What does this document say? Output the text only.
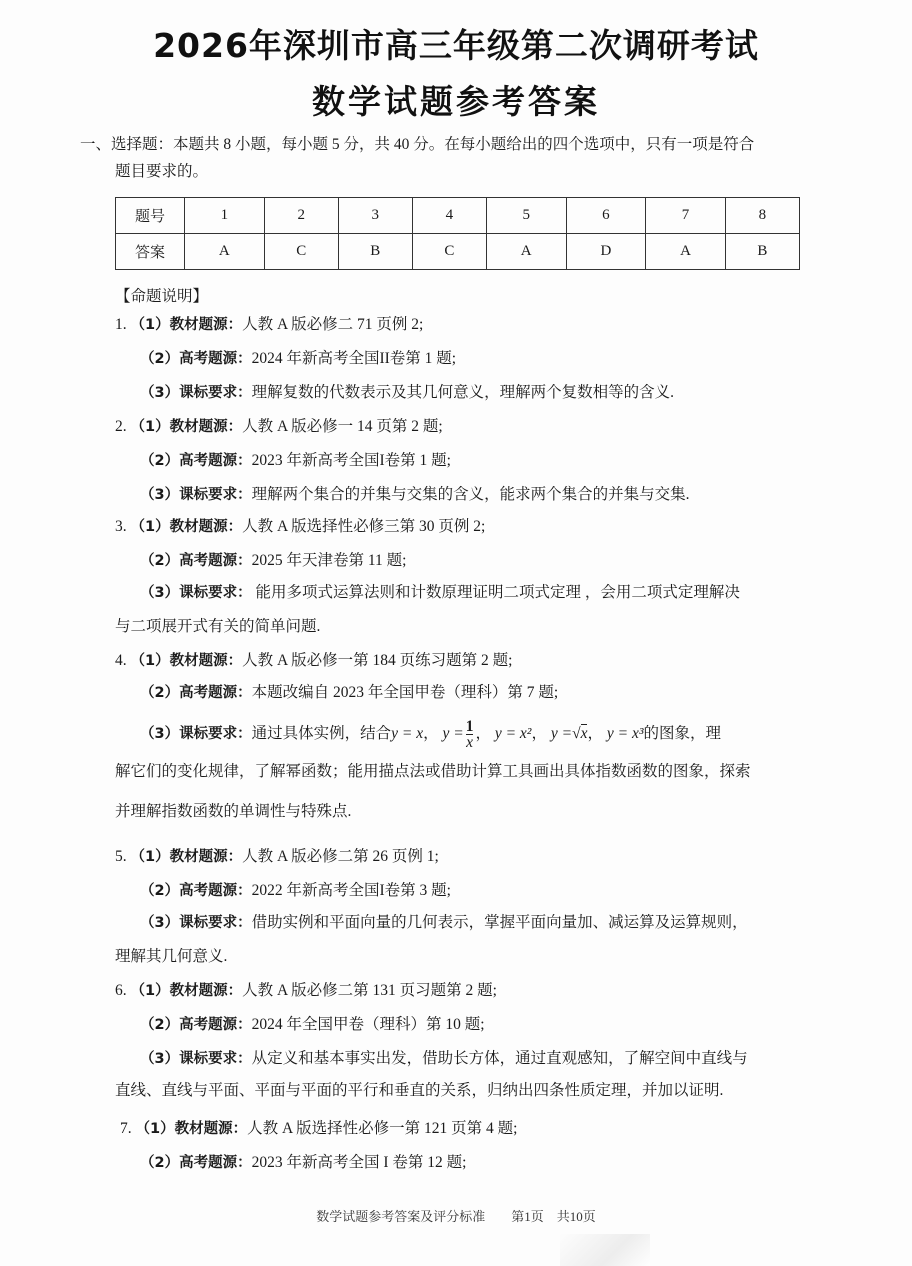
2026年深圳市高三年级第二次调研考试
数学试题参考答案
一、选择题：本题共 8 小题，每小题 5 分，共 40 分。在每小题给出的四个选项中，只有一项是符合
题目要求的。
题号	1	2	3	4	5	6	7	8
答案	A	C	B	C	A	D	A	B
【命题说明】
1. （1）教材题源：人教 A 版必修二 71 页例 2;
（2）高考题源：2024 年新高考全国II卷第 1 题;
（3）课标要求：理解复数的代数表示及其几何意义，理解两个复数相等的含义.
2. （1）教材题源：人教 A 版必修一 14 页第 2 题;
（2）高考题源：2023 年新高考全国I卷第 1 题;
（3）课标要求：理解两个集合的并集与交集的含义，能求两个集合的并集与交集.
3. （1）教材题源：人教 A 版选择性必修三第 30 页例 2;
（2）高考题源：2025 年天津卷第 11 题;
（3）课标要求： 能用多项式运算法则和计数原理证明二项式定理 ，会用二项式定理解决
与二项展开式有关的简单问题.
4. （1）教材题源：人教 A 版必修一第 184 页练习题第 2 题;
（2）高考题源：本题改编自 2023 年全国甲卷（理科）第 7 题;
（3）课标要求：通过具体实例，结合y = x， $y = \frac{1}{x}$ ， y = x²， y =√x， y = x³的图象，理
解它们的变化规律，了解幂函数；能用描点法或借助计算工具画出具体指数函数的图象，探索
并理解指数函数的单调性与特殊点.
5. （1）教材题源：人教 A 版必修二第 26 页例 1;
（2）高考题源：2022 年新高考全国I卷第 3 题;
（3）课标要求：借助实例和平面向量的几何表示，掌握平面向量加、减运算及运算规则，
理解其几何意义.
6. （1）教材题源：人教 A 版必修二第 131 页习题第 2 题;
（2）高考题源：2024 年全国甲卷（理科）第 10 题;
（3）课标要求：从定义和基本事实出发，借助长方体，通过直观感知，了解空间中直线与
直线、直线与平面、平面与平面的平行和垂直的关系，归纳出四条性质定理，并加以证明.
7. （1）教材题源：人教 A 版选择性必修一第 121 页第 4 题;
（2）高考题源：2023 年新高考全国 I 卷第 12 题;
数学试题参考答案及评分标准　　第1页　共10页
